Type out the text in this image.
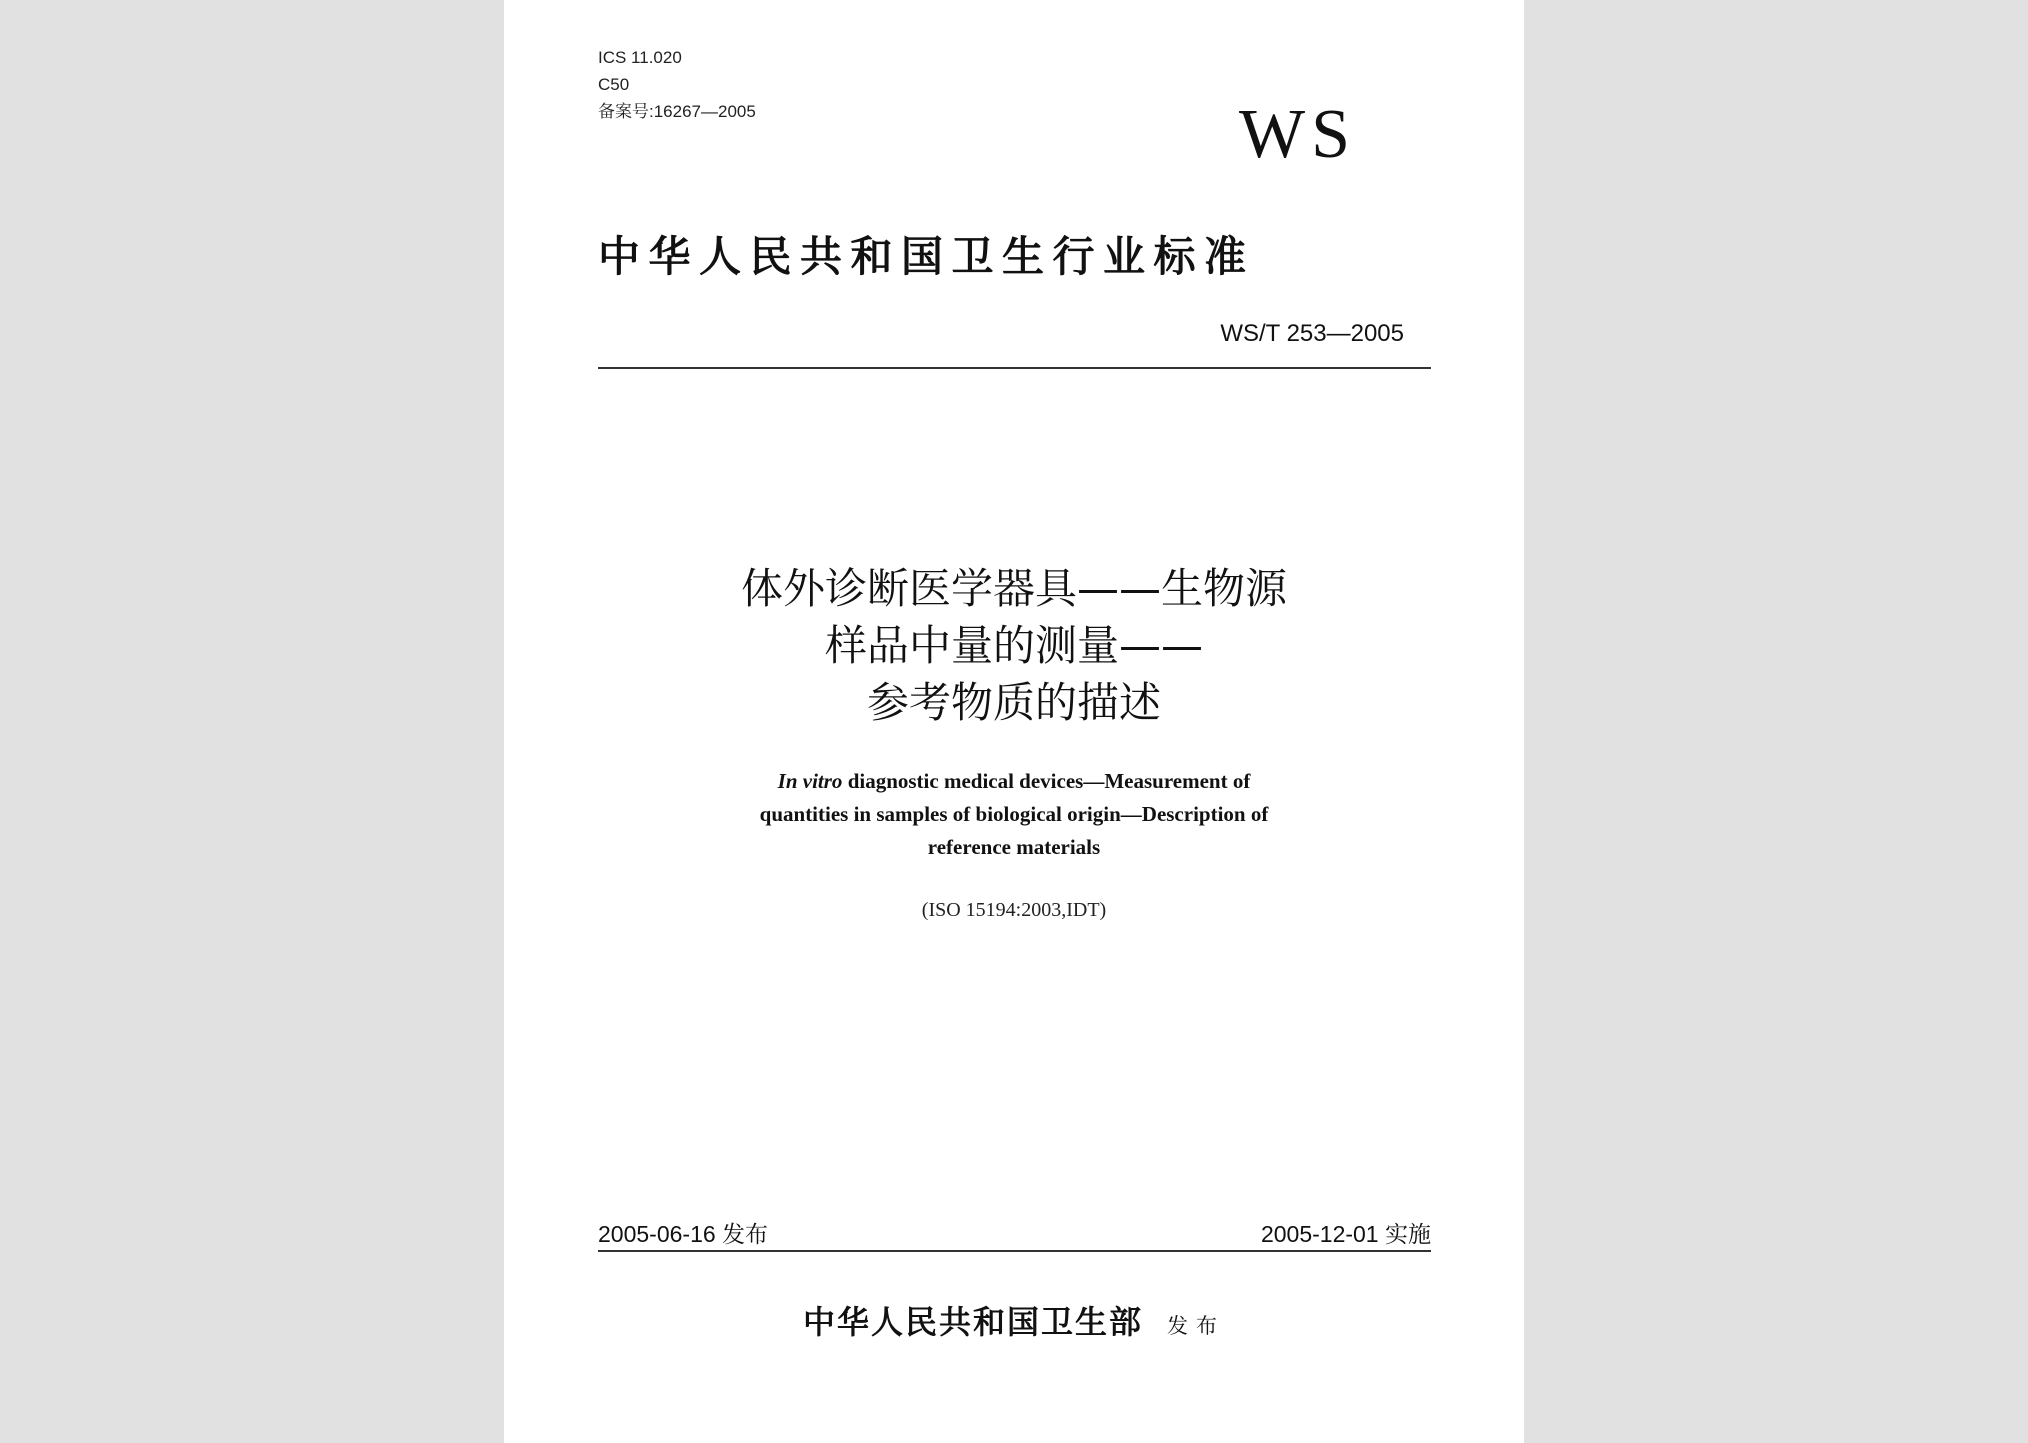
ICS 11.020
C50
备案号:16267—2005	WS
中华人民共和国卫生行业标准
WS/T 253—2005
体外诊断医学器具——生物源
样品中量的测量——
参考物质的描述
In vitro diagnostic medical devices—Measurement of
quantities in samples of biological origin—Description of
reference materials
(ISO 15194:2003,IDT)
2005-06-16 发布	2005-12-01 实施
中华人民共和国卫生部 发布
